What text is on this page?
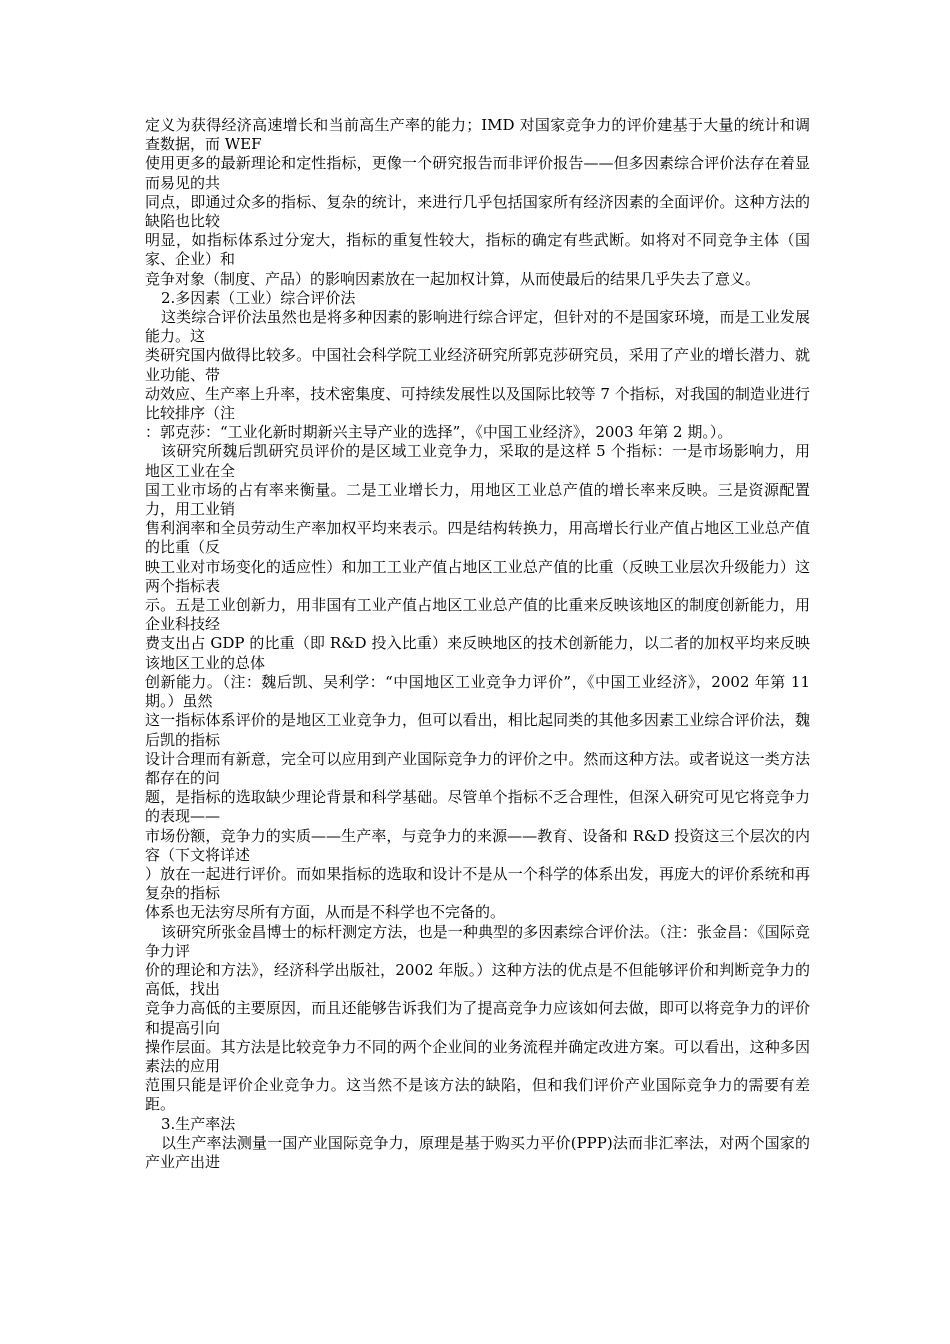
定义为获得经济高速增长和当前高生产率的能力；IMD 对国家竞争力的评价建基于大量的统计和调查数据，而 WEF
使用更多的最新理论和定性指标，更像一个研究报告而非评价报告——但多因素综合评价法存在着显而易见的共
同点，即通过众多的指标、复杂的统计，来进行几乎包括国家所有经济因素的全面评价。这种方法的缺陷也比较
明显，如指标体系过分宠大，指标的重复性较大，指标的确定有些武断。如将对不同竞争主体（国家、企业）和
竞争对象（制度、产品）的影响因素放在一起加权计算，从而使最后的结果几乎失去了意义。
2.多因素（工业）综合评价法
这类综合评价法虽然也是将多种因素的影响进行综合评定，但针对的不是国家环境，而是工业发展能力。这
类研究国内做得比较多。中国社会科学院工业经济研究所郭克莎研究员，采用了产业的增长潜力、就业功能、带
动效应、生产率上升率，技术密集度、可持续发展性以及国际比较等 7 个指标，对我国的制造业进行比较排序（注
：郭克莎：“工业化新时期新兴主导产业的选择”，《中国工业经济》，2003 年第 2 期。）。
该研究所魏后凯研究员评价的是区域工业竞争力，采取的是这样 5 个指标：一是市场影响力，用地区工业在全
国工业市场的占有率来衡量。二是工业增长力，用地区工业总产值的增长率来反映。三是资源配置力，用工业销
售利润率和全员劳动生产率加权平均来表示。四是结构转换力，用高增长行业产值占地区工业总产值的比重（反
映工业对市场变化的适应性）和加工工业产值占地区工业总产值的比重（反映工业层次升级能力）这两个指标表
示。五是工业创新力，用非国有工业产值占地区工业总产值的比重来反映该地区的制度创新能力，用企业科技经
费支出占 GDP 的比重（即 R&D 投入比重）来反映地区的技术创新能力，以二者的加权平均来反映该地区工业的总体
创新能力。（注：魏后凯、吴利学：“中国地区工业竞争力评价”，《中国工业经济》，2002 年第 11 期。）虽然
这一指标体系评价的是地区工业竞争力，但可以看出，相比起同类的其他多因素工业综合评价法，魏后凯的指标
设计合理而有新意，完全可以应用到产业国际竞争力的评价之中。然而这种方法。或者说这一类方法都存在的问
题，是指标的选取缺少理论背景和科学基础。尽管单个指标不乏合理性，但深入研究可见它将竞争力的表现——
市场份额，竞争力的实质——生产率，与竞争力的来源——教育、设备和 R&D 投资这三个层次的内容（下文将详述
）放在一起进行评价。而如果指标的选取和设计不是从一个科学的体系出发，再庞大的评价系统和再复杂的指标
体系也无法穷尽所有方面，从而是不科学也不完备的。
该研究所张金昌博士的标杆测定方法，也是一种典型的多因素综合评价法。（注：张金昌：《国际竞争力评
价的理论和方法》，经济科学出版社，2002 年版。）这种方法的优点是不但能够评价和判断竞争力的高低，找出
竞争力高低的主要原因，而且还能够告诉我们为了提高竞争力应该如何去做，即可以将竞争力的评价和提高引向
操作层面。其方法是比较竞争力不同的两个企业间的业务流程并确定改进方案。可以看出，这种多因素法的应用
范围只能是评价企业竞争力。这当然不是该方法的缺陷，但和我们评价产业国际竞争力的需要有差距。
3.生产率法
以生产率法测量一国产业国际竞争力，原理是基于购买力平价(PPP)法而非汇率法，对两个国家的产业产出进
